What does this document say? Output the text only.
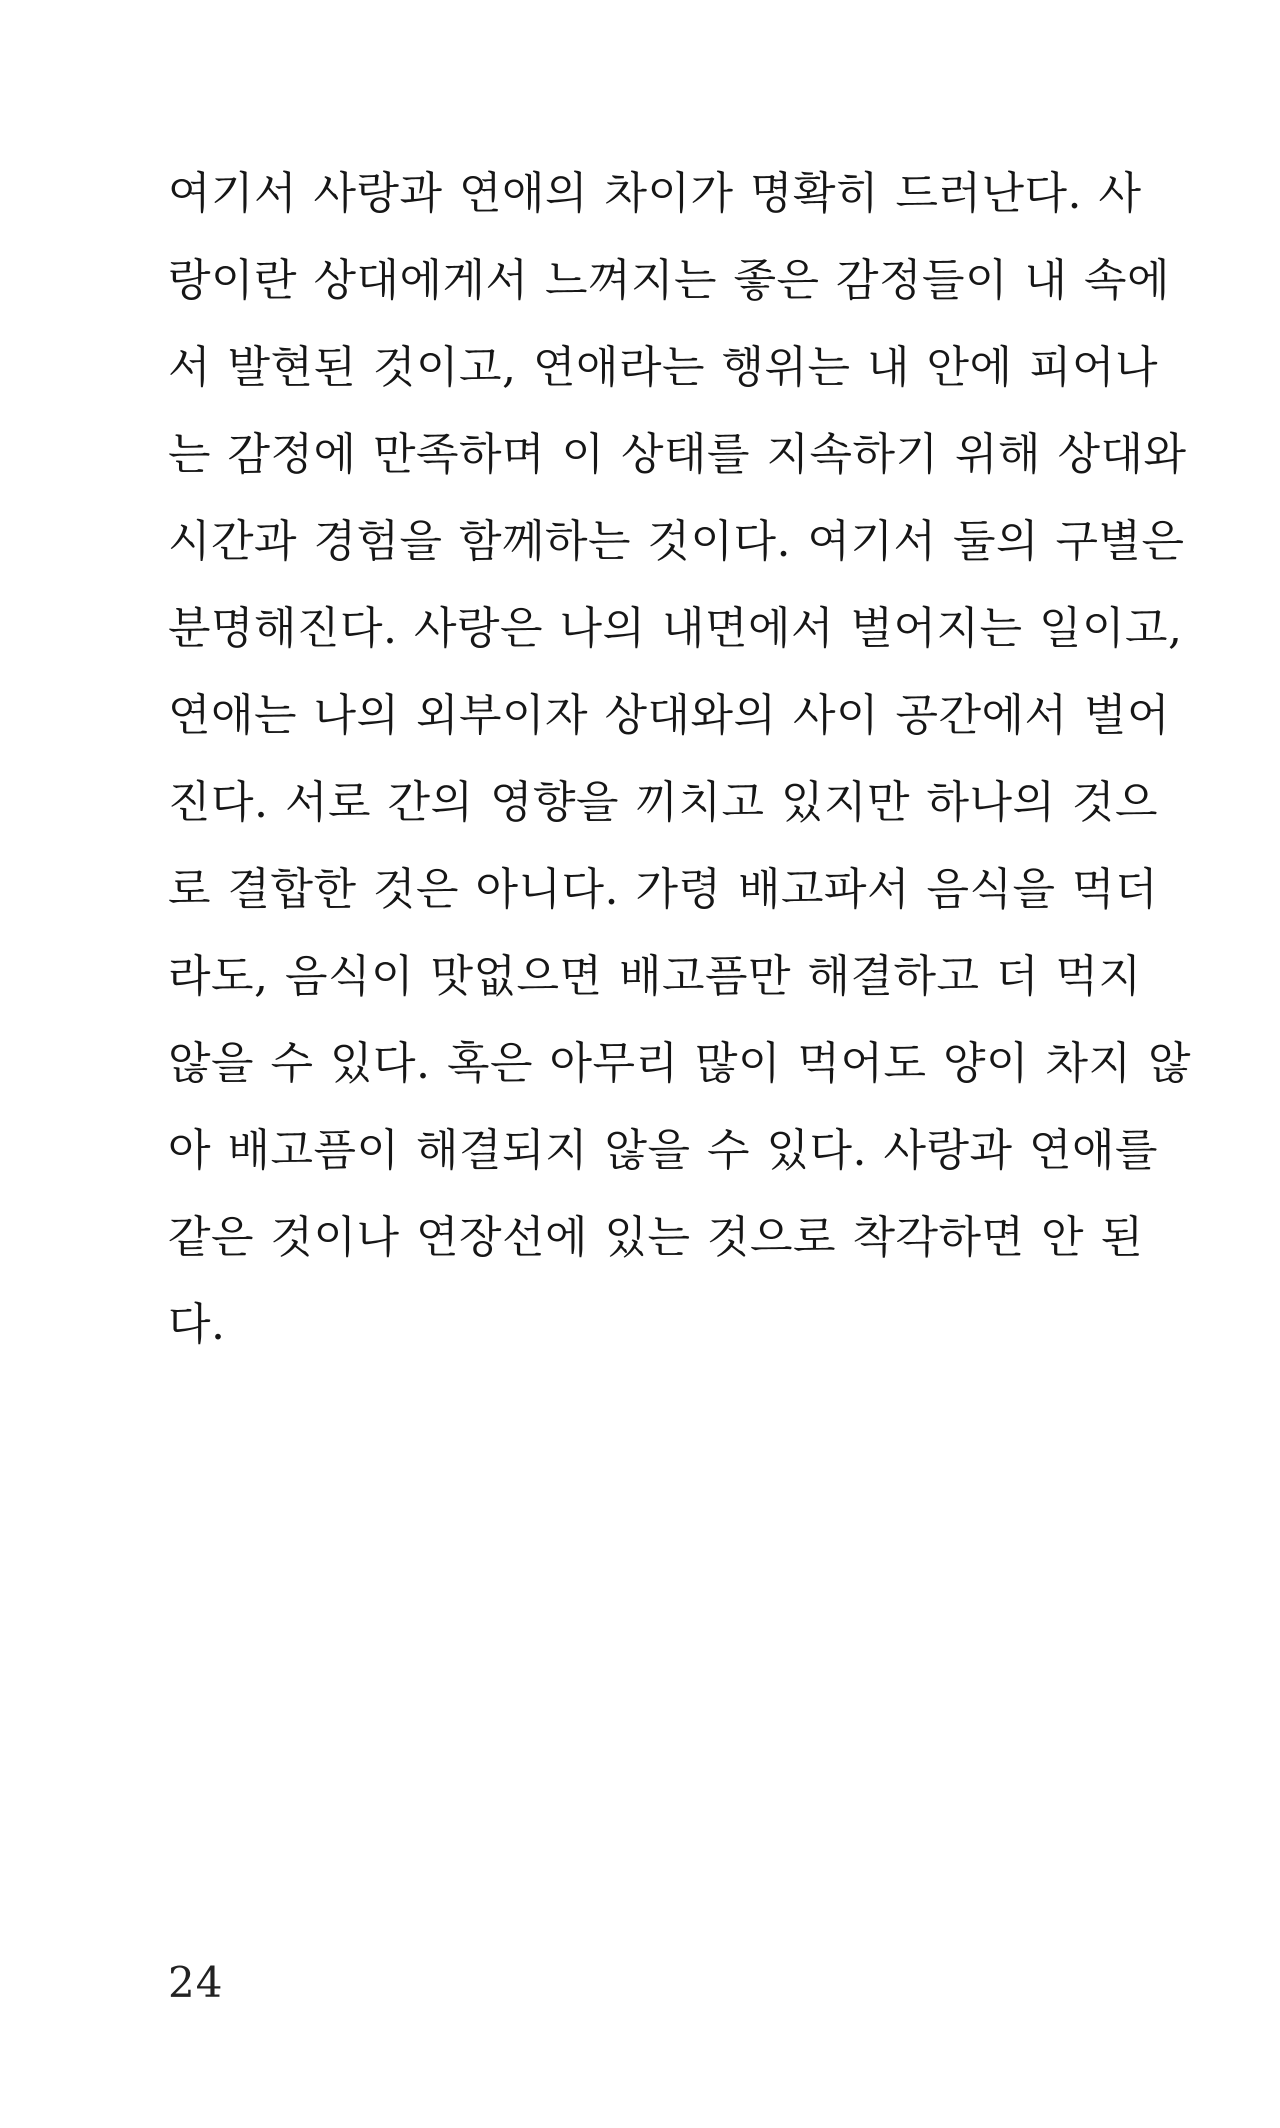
여기서 사랑과 연애의 차이가 명확히 드러난다. 사
랑이란 상대에게서 느껴지는 좋은 감정들이 내 속에
서 발현된 것이고, 연애라는 행위는 내 안에 피어나
는 감정에 만족하며 이 상태를 지속하기 위해 상대와
시간과 경험을 함께하는 것이다. 여기서 둘의 구별은
분명해진다. 사랑은 나의 내면에서 벌어지는 일이고,
연애는 나의 외부이자 상대와의 사이 공간에서 벌어
진다. 서로 간의 영향을 끼치고 있지만 하나의 것으
로 결합한 것은 아니다. 가령 배고파서 음식을 먹더
라도, 음식이 맛없으면 배고픔만 해결하고 더 먹지
않을 수 있다. 혹은 아무리 많이 먹어도 양이 차지 않
아 배고픔이 해결되지 않을 수 있다. 사랑과 연애를
같은 것이나 연장선에 있는 것으로 착각하면 안 된
다.
24
